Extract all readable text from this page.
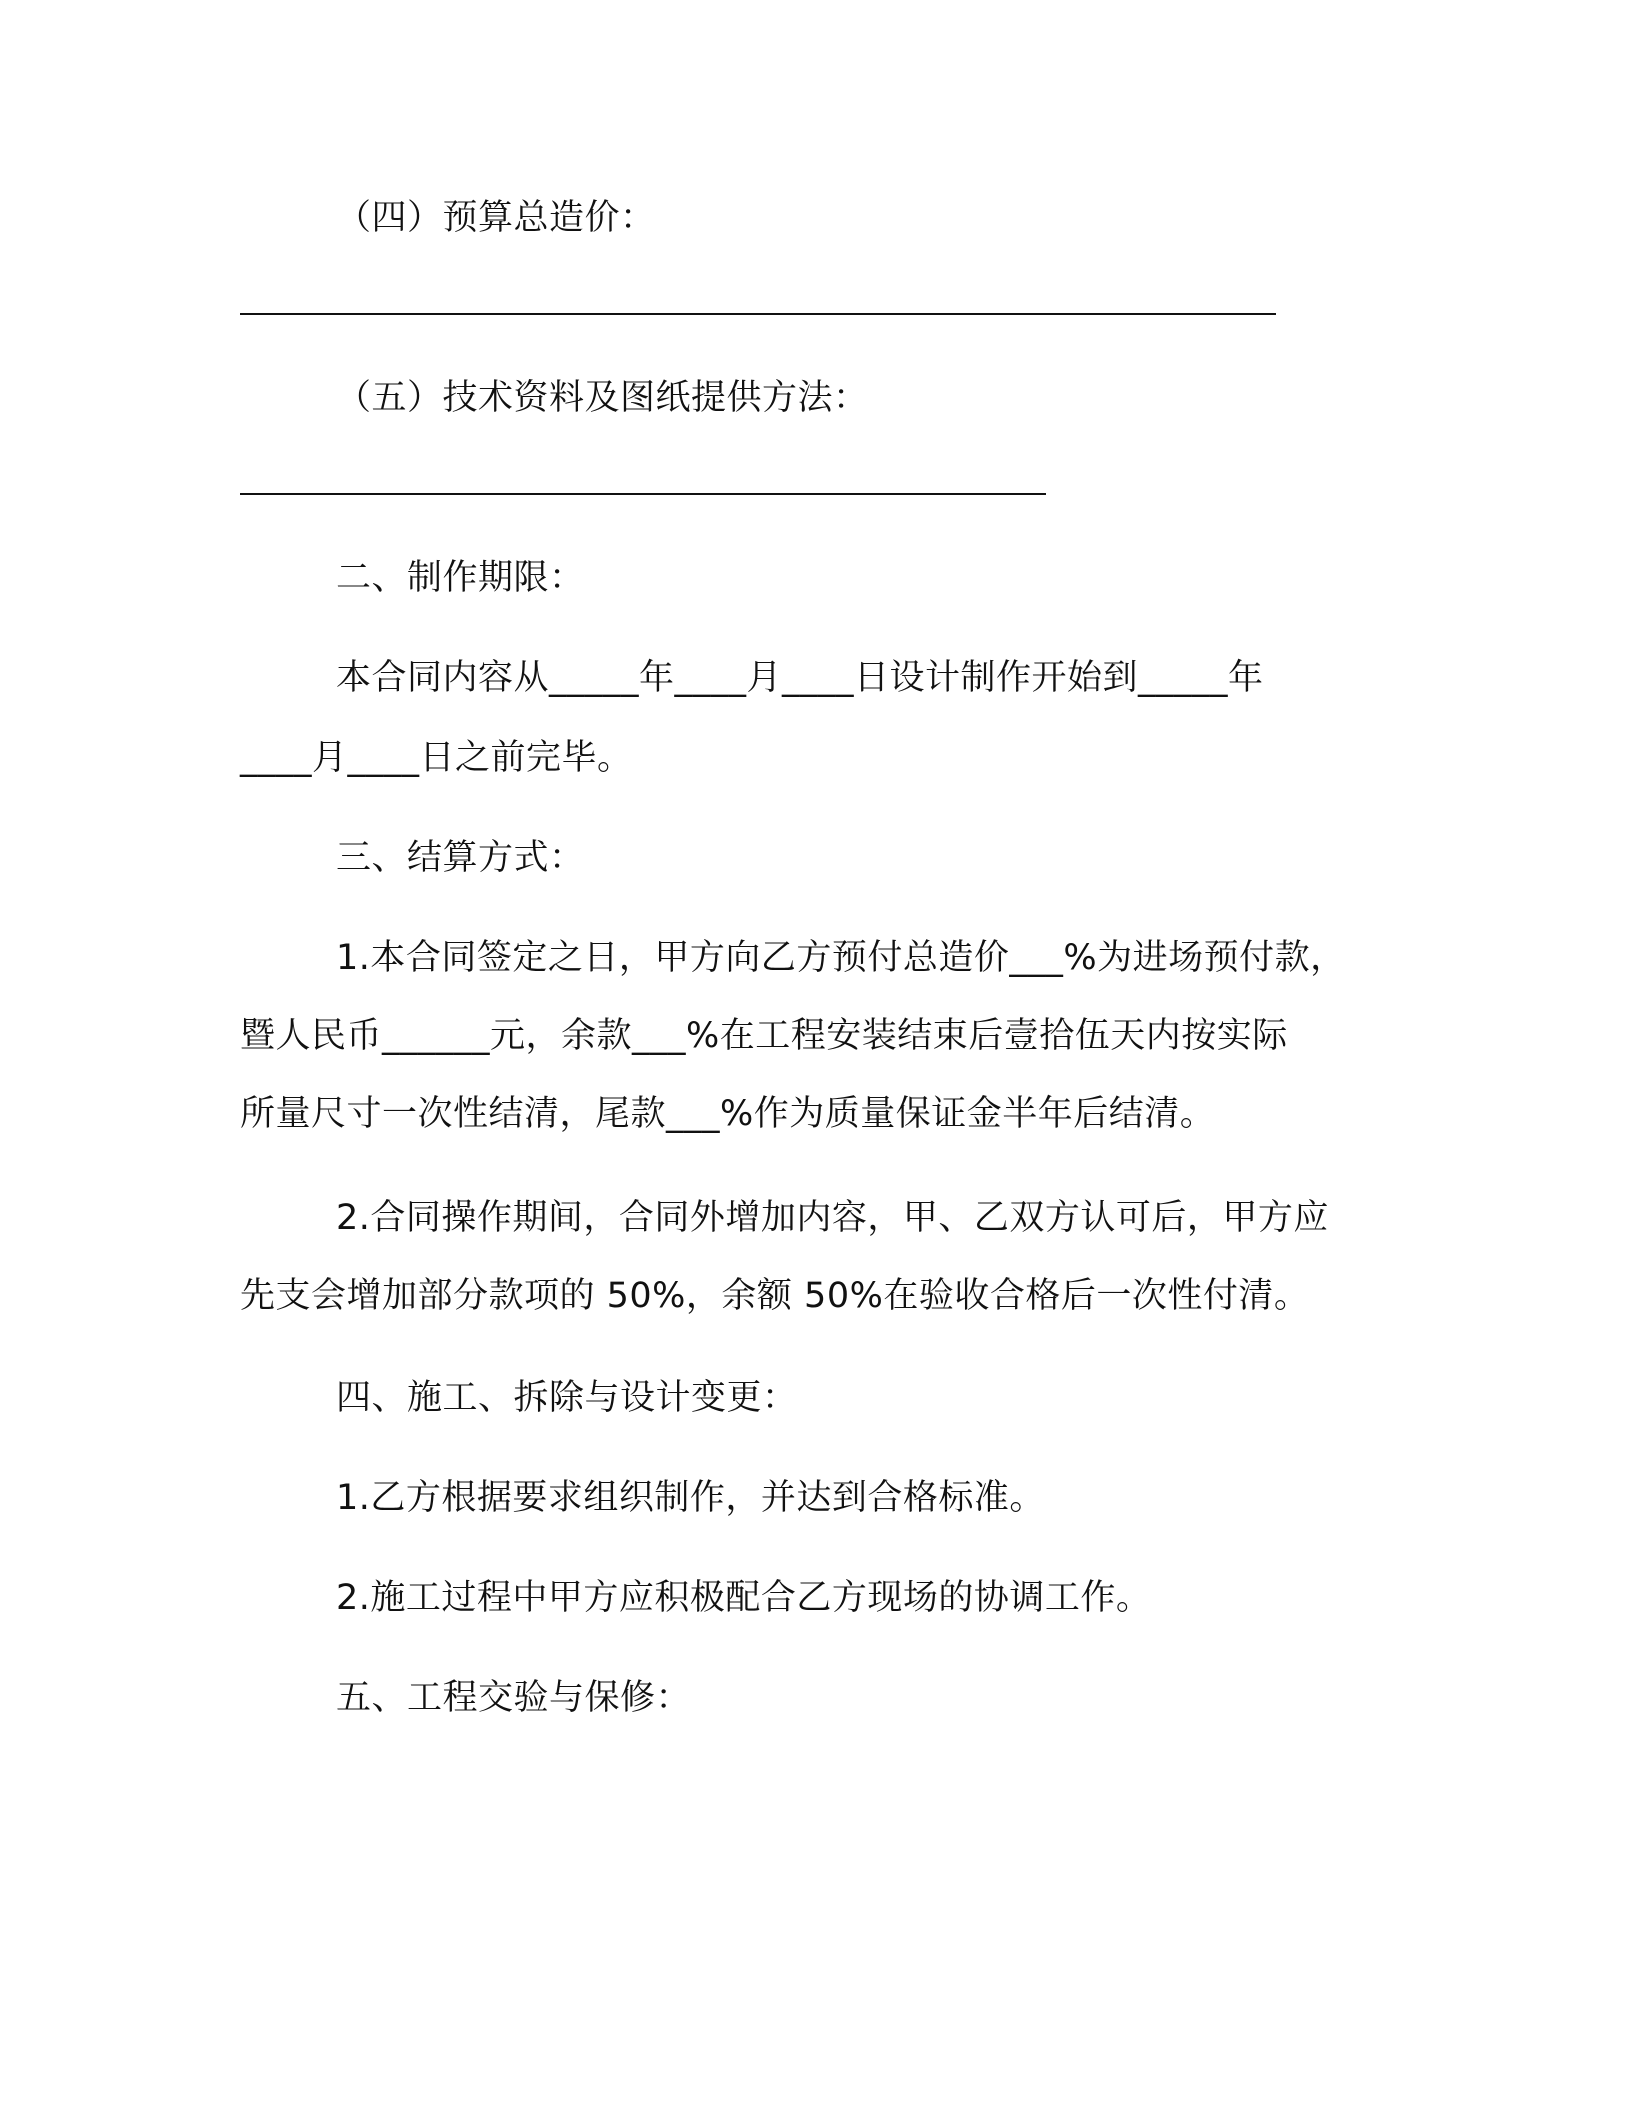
（四）预算总造价：
（五）技术资料及图纸提供方法：
二、制作期限：
本合同内容从_____年____月____日设计制作开始到_____年
____月____日之前完毕。
三、结算方式：
1.本合同签定之日，甲方向乙方预付总造价___%为进场预付款，
暨人民币______元，余款___%在工程安装结束后壹拾伍天内按实际
所量尺寸一次性结清，尾款___%作为质量保证金半年后结清。
2.合同操作期间，合同外增加内容，甲、乙双方认可后，甲方应
先支会增加部分款项的 50%，余额 50%在验收合格后一次性付清。
四、施工、拆除与设计变更：
1.乙方根据要求组织制作，并达到合格标准。
2.施工过程中甲方应积极配合乙方现场的协调工作。
五、工程交验与保修：
